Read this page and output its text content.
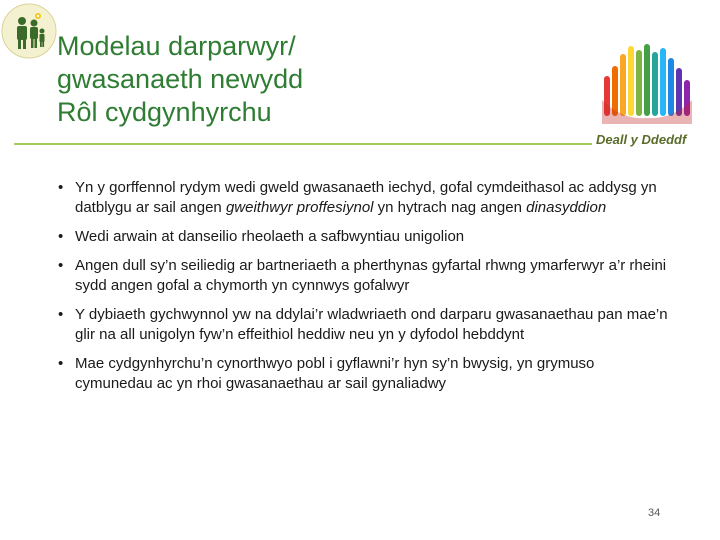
Modelau darparwyr/
gwasanaeth newydd
Rôl cydgynhyrchu
Deall y Ddeddf
• Yn y gorffennol rydym wedi gweld gwasanaeth iechyd, gofal cymdeithasol ac addysg yn datblygu ar sail angen gweithwyr proffesiynol yn hytrach nag angen dinasyddion
• Wedi arwain at danseilio rheolaeth a safbwyntiau unigolion
• Angen dull sy’n seiliedig ar bartneriaeth a pherthynas gyfartal rhwng ymarferwyr a’r rheini sydd angen gofal a chymorth yn cynnwys gofalwyr
• Y dybiaeth gychwynnol yw na ddylai’r wladwriaeth ond darparu gwasanaethau pan mae’n glir na all unigolyn fyw’n effeithiol heddiw neu yn y dyfodol hebddynt
• Mae cydgynhyrchu’n cynorthwyo pobl i gyflawni’r hyn sy’n bwysig, yn grymuso cymunedau ac yn rhoi gwasanaethau ar sail gynaliadwy
34
